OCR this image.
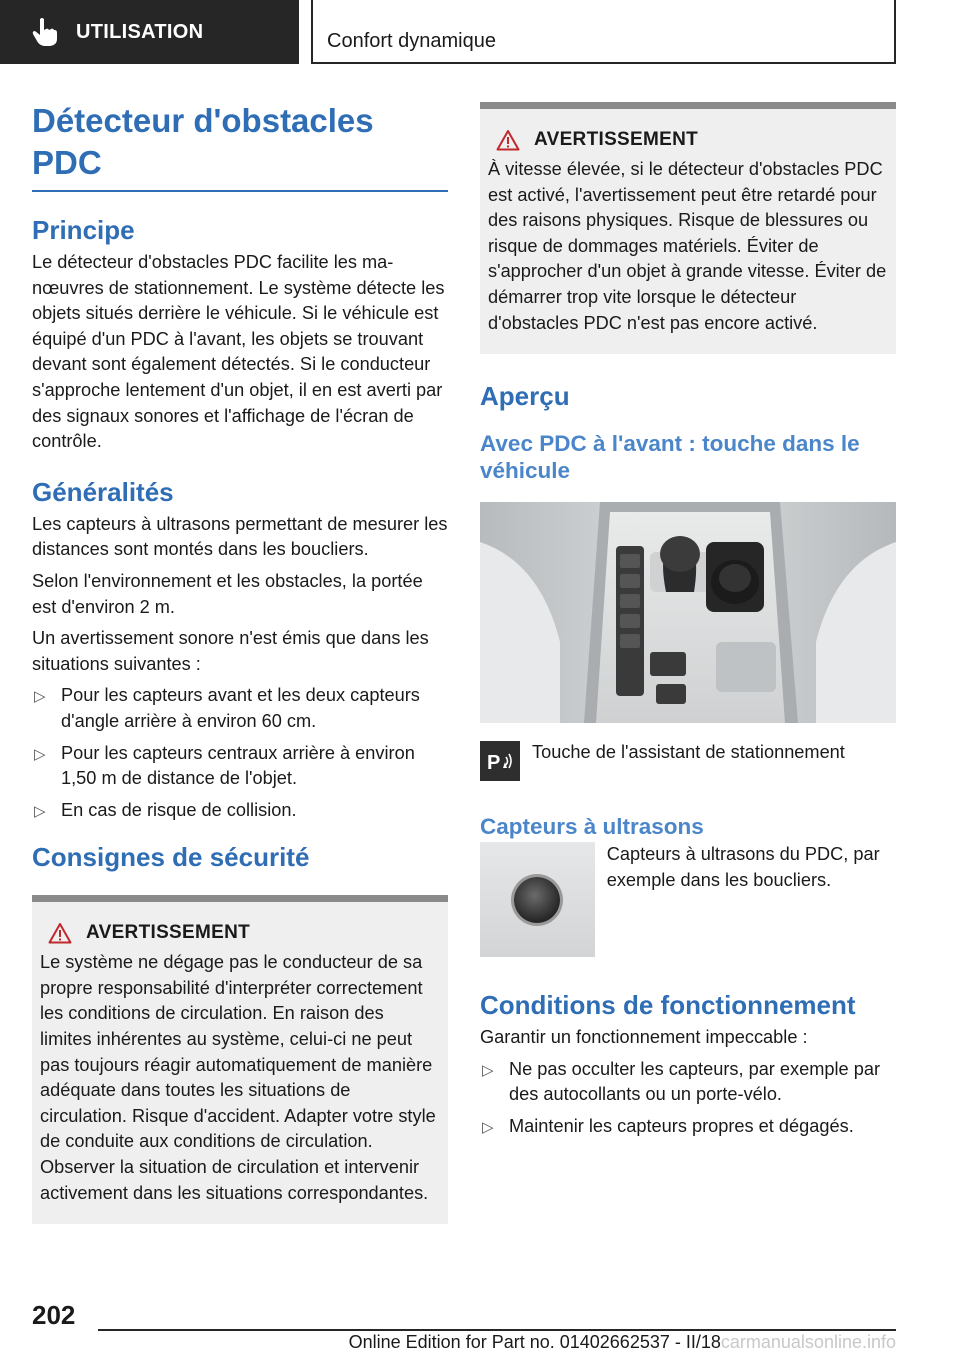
UTILISATION	Confort dynamique
Détecteur d'obstacles PDC
Principe

Le détecteur d'obstacles PDC facilite les manœuvres de stationnement. Le système détecte les objets situés derrière le véhicule. Si le véhicule est équipé d'un PDC à l'avant, les objets se trouvant devant sont également détectés. Si le conducteur s'approche lentement d'un objet, il en est averti par des signaux sonores et l'affichage de l'écran de contrôle.

Généralités

Les capteurs à ultrasons permettant de mesurer les distances sont montés dans les boucliers.

Selon l'environnement et les obstacles, la portée est d'environ 2 m.

Un avertissement sonore n'est émis que dans les situations suivantes :

▷ Pour les capteurs avant et les deux capteurs d'angle arrière à environ 60 cm.
▷ Pour les capteurs centraux arrière à environ 1,50 m de distance de l'objet.
▷ En cas de risque de collision.
Consignes de sécurité
AVERTISSEMENT

Le système ne dégage pas le conducteur de sa propre responsabilité d'interpréter correctement les conditions de circulation. En raison des limites inhérentes au système, celui-ci ne peut pas toujours réagir automatiquement de manière adéquate dans toutes les situations de circulation. Risque d'accident. Adapter votre style de conduite aux conditions de circulation. Observer la situation de circulation et intervenir activement dans les situations correspondantes.

AVERTISSEMENT

À vitesse élevée, si le détecteur d'obstacles PDC est activé, l'avertissement peut être retardé pour des raisons physiques. Risque de blessures ou risque de dommages matériels. Éviter de s'approcher d'un objet à grande vitesse. Éviter de démarrer trop vite lorsque le détecteur d'obstacles PDC n'est pas encore activé.

Aperçu
Avec PDC à l'avant : touche dans le véhicule
P Touche de l'assistant de stationnement

Capteurs à ultrasons

Capteurs à ultrasons du PDC, par exemple dans les boucliers.

Conditions de fonctionnement

Garantir un fonctionnement impeccable :

▷ Ne pas occulter les capteurs, par exemple par des autocollants ou un porte-vélo.
▷ Maintenir les capteurs propres et dégagés.
202
Online Edition for Part no. 01402662537 - II/18carmanualsonline.info
